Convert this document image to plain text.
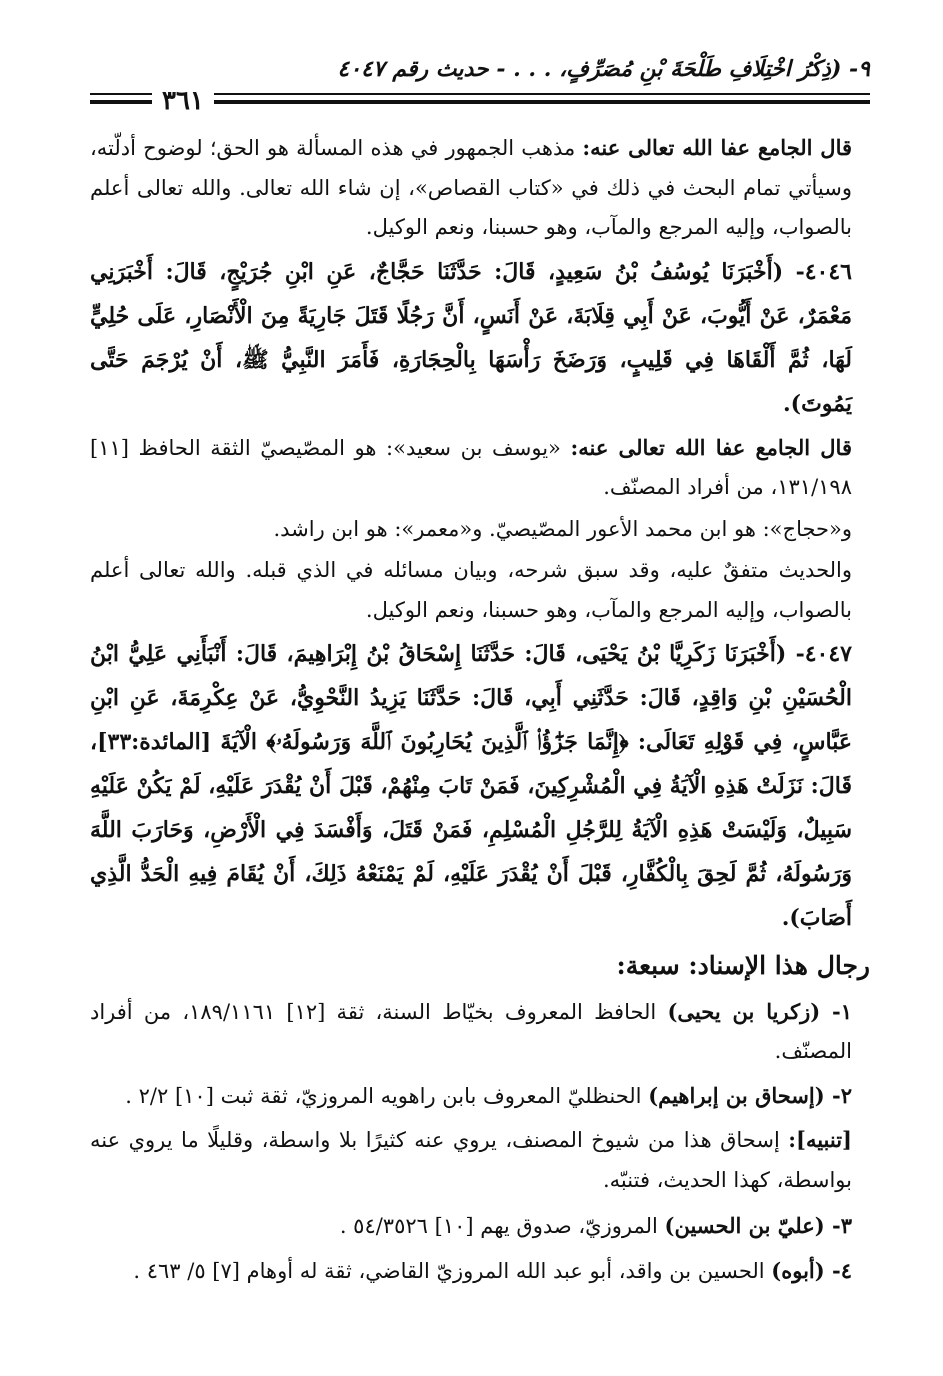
٩- (ذِكْرُ اخْتِلَافِ طَلْحَةَ بْنِ مُصَرِّفٍ، . . . - حديث رقم ٤٠٤٧
٣٦١

قال الجامع عفا الله تعالى عنه: مذهب الجمهور في هذه المسألة هو الحق؛ لوضوح أدلّته، وسيأتي تمام البحث في ذلك في «كتاب القصاص»، إن شاء الله تعالى. والله تعالى أعلم بالصواب، وإليه المرجع والمآب، وهو حسبنا، ونعم الوكيل.

٤٠٤٦- (أَخْبَرَنَا يُوسُفُ بْنُ سَعِيدٍ، قَالَ: حَدَّثَنَا حَجَّاجٌ، عَنِ ابْنِ جُرَيْجٍ، قَالَ: أَخْبَرَنِي مَعْمَرٌ، عَنْ أَيُّوبَ، عَنْ أَبِي قِلَابَةَ، عَنْ أَنَسٍ، أَنَّ رَجُلًا قَتَلَ جَارِيَةً مِنَ الْأَنْصَارِ، عَلَى حُلِيٍّ لَهَا، ثُمَّ أَلْقَاهَا فِي قَلِيبٍ، وَرَضَخَ رَأْسَهَا بِالْحِجَارَةِ، فَأَمَرَ النَّبِيُّ ﷺ، أَنْ يُرْجَمَ حَتَّى يَمُوتَ).

قال الجامع عفا الله تعالى عنه: «يوسف بن سعيد»: هو المصّيصيّ الثقة الحافظ [١١] ١٣١/١٩٨، من أفراد المصنّف.

و«حجاج»: هو ابن محمد الأعور المصّيصيّ. و«معمر»: هو ابن راشد.

والحديث متفقٌ عليه، وقد سبق شرحه، وبيان مسائله في الذي قبله. والله تعالى أعلم بالصواب، وإليه المرجع والمآب، وهو حسبنا، ونعم الوكيل.

٤٠٤٧- (أَخْبَرَنَا زَكَرِيَّا بْنُ يَحْيَى، قَالَ: حَدَّثَنَا إِسْحَاقُ بْنُ إِبْرَاهِيمَ، قَالَ: أَنْبَأَنِي عَلِيُّ ابْنُ الْحُسَيْنِ بْنِ وَاقِدٍ، قَالَ: حَدَّثَنِي أَبِي، قَالَ: حَدَّثَنَا يَزِيدُ النَّحْوِيُّ، عَنْ عِكْرِمَةَ، عَنِ ابْنِ عَبَّاسٍ، فِي قَوْلِهِ تَعَالَى: ﴿إِنَّمَا جَزَٰٓؤُا۟ ٱلَّذِينَ يُحَارِبُونَ ٱللَّهَ وَرَسُولَهُۥ﴾ الْآيَةَ [المائدة:٣٣]، قَالَ: نَزَلَتْ هَذِهِ الْآيَةُ فِي الْمُشْرِكِينَ، فَمَنْ تَابَ مِنْهُمْ، قَبْلَ أَنْ يُقْدَرَ عَلَيْهِ، لَمْ يَكُنْ عَلَيْهِ سَبِيلٌ، وَلَيْسَتْ هَذِهِ الْآيَةُ لِلرَّجُلِ الْمُسْلِمِ، فَمَنْ قَتَلَ، وَأَفْسَدَ فِي الْأَرْضِ، وَحَارَبَ اللَّهَ وَرَسُولَهُ، ثُمَّ لَحِقَ بِالْكُفَّارِ، قَبْلَ أَنْ يُقْدَرَ عَلَيْهِ، لَمْ يَمْنَعْهُ ذَلِكَ، أَنْ يُقَامَ فِيهِ الْحَدُّ الَّذِي أَصَابَ).

رجال هذا الإسناد: سبعة:

١- (زكريا بن يحيى) الحافظ المعروف بخيّاط السنة، ثقة [١٢] ١٨٩/١١٦١، من أفراد المصنّف.

٢- (إسحاق بن إبراهيم) الحنظليّ المعروف بابن راهويه المروزيّ، ثقة ثبت [١٠] ٢/٢ .

[تنبيه]: إسحاق هذا من شيوخ المصنف، يروي عنه كثيرًا بلا واسطة، وقليلًا ما يروي عنه بواسطة، كهذا الحديث، فتنبّه.

٣- (عليّ بن الحسين) المروزيّ، صدوق يهم [١٠] ٥٤/٣٥٢٦ .

٤- (أبوه) الحسين بن واقد، أبو عبد الله المروزيّ القاضي، ثقة له أوهام [٧] ٥/ ٤٦٣ .
